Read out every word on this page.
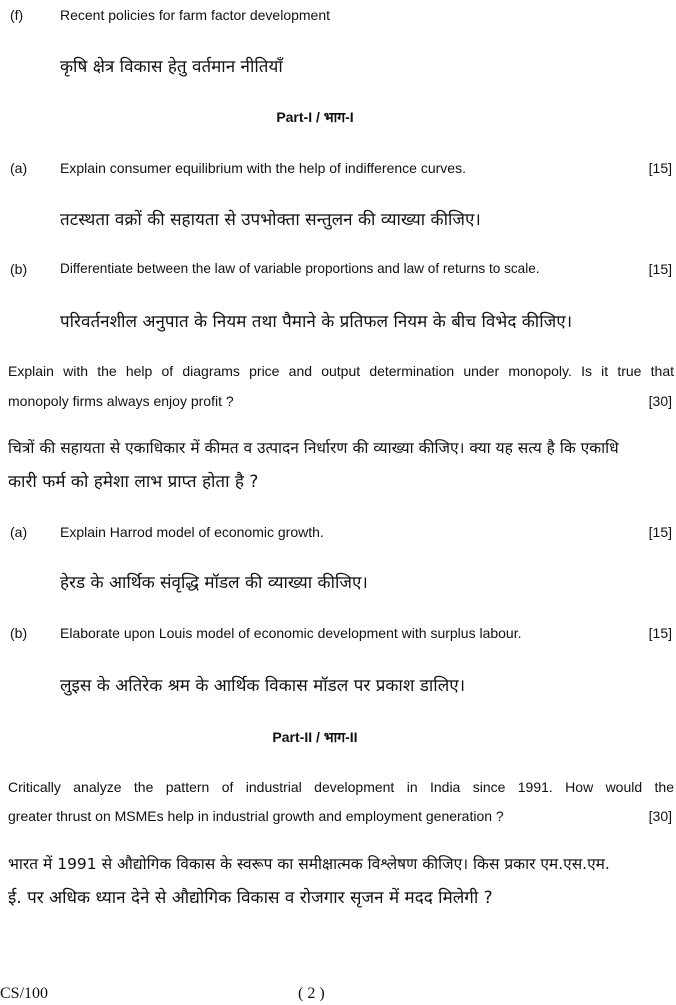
(f)	Recent policies for farm factor development
कृषि क्षेत्र विकास हेतु वर्तमान नीतियाँ
Part-I / भाग-I
(a) Explain consumer equilibrium with the help of indifference curves.	[15]
तटस्थता वक्रों की सहायता से उपभोक्ता सन्तुलन की व्याख्या कीजिए।
(b) Differentiate between the law of variable proportions and law of returns to scale.	[15]
परिवर्तनशील अनुपात के नियम तथा पैमाने के प्रतिफल नियम के बीच विभेद कीजिए।
Explain with the help of diagrams price and output determination under monopoly. Is it true that
monopoly firms always enjoy profit ?	[30]
चित्रों की सहायता से एकाधिकार में कीमत व उत्पादन निर्धारण की व्याख्या कीजिए। क्या यह सत्य है कि एकाधि
कारी फर्म को हमेशा लाभ प्राप्त होता है ?
(a) Explain Harrod model of economic growth.	[15]
हेरड के आर्थिक संवृद्धि मॉडल की व्याख्या कीजिए।
(b) Elaborate upon Louis model of economic development with surplus labour.	[15]
लुइस के अतिरेक श्रम के आर्थिक विकास मॉडल पर प्रकाश डालिए।
Part-II / भाग-II
Critically analyze the pattern of industrial development in India since 1991. How would the
greater thrust on MSMEs help in industrial growth and employment generation ?	[30]
भारत में 1991 से औद्योगिक विकास के स्वरूप का समीक्षात्मक विश्लेषण कीजिए। किस प्रकार एम.एस.एम.
ई. पर अधिक ध्यान देने से औद्योगिक विकास व रोजगार सृजन में मदद मिलेगी ?
CS/100	( 2 )
